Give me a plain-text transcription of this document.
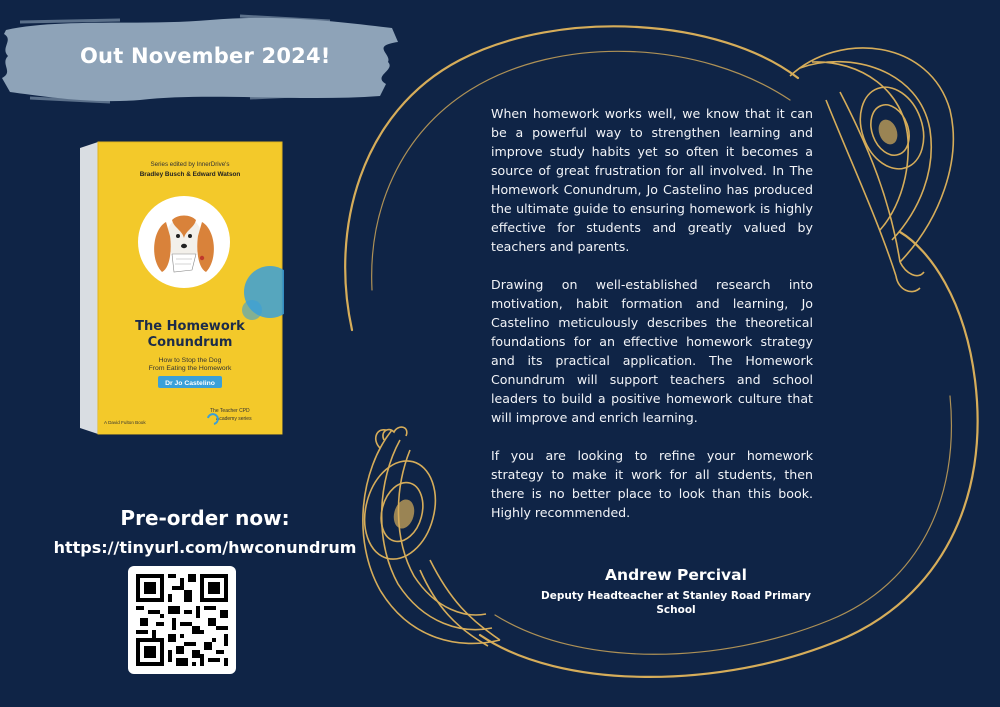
Out November 2024!
Series edited by InnerDrive's
Bradley Busch & Edward Watson
The Homework
Conundrum
How to Stop the Dog
From Eating the Homework
Dr Jo Castelino
A David Fulton Book
The Teacher CPD
Academy series
Pre-order now:
https://tinyurl.com/hwconundrum

When homework works well, we know that it can be a powerful way to strengthen learning and improve study habits yet so often it becomes a source of great frustration for all involved. In The Homework Conundrum, Jo Castelino has produced the ultimate guide to ensuring homework is highly effective for students and greatly valued by teachers and parents.

Drawing on well-established research into motivation, habit formation and learning, Jo Castelino meticulously describes the theoretical foundations for an effective homework strategy and its practical application. The Homework Conundrum will support teachers and school leaders to build a positive homework culture that will improve and enrich learning.

If you are looking to refine your homework strategy to make it work for all students, then there is no better place to look than this book. Highly recommended.

Andrew Percival
Deputy Headteacher at Stanley Road Primary School
